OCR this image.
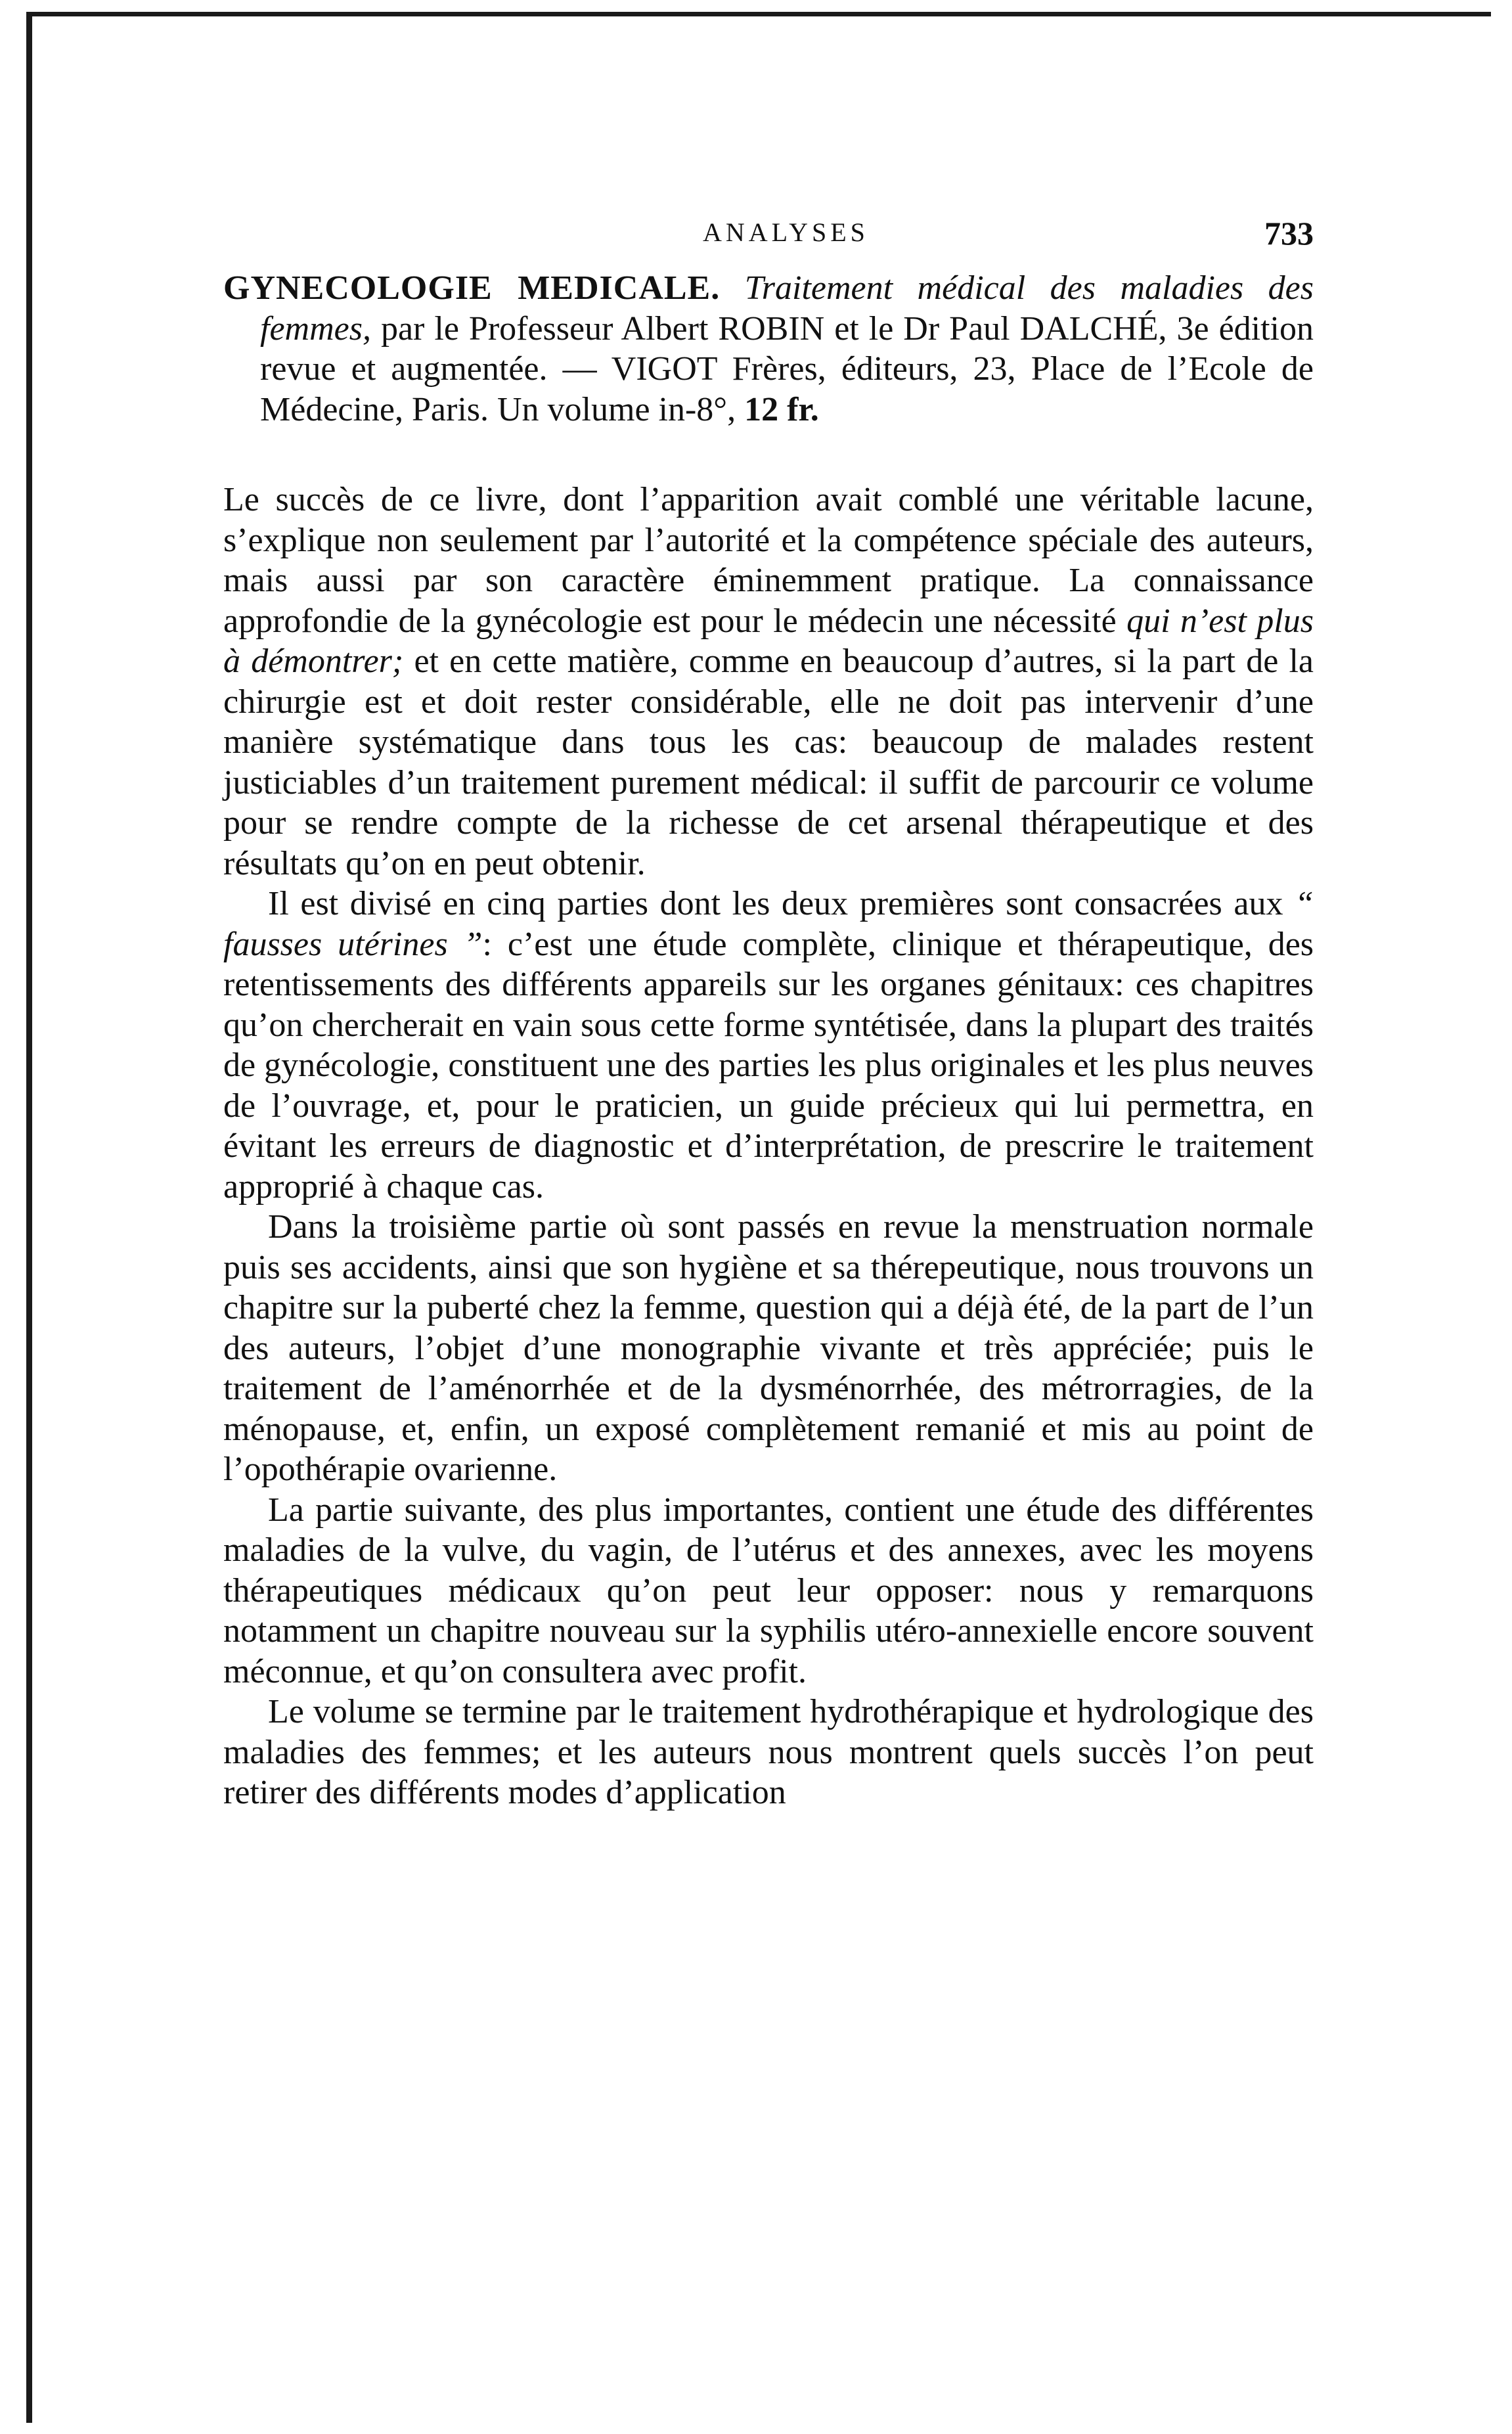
ANALYSES	733
GYNECOLOGIE MEDICALE. Traitement médical des maladies des femmes, par le Professeur Albert ROBIN et le Dr Paul DALCHÉ, 3e édition revue et augmentée. — VIGOT Frères, éditeurs, 23, Place de l’Ecole de Médecine, Paris. Un volume in-8°, 12 fr.

Le succès de ce livre, dont l’apparition avait comblé une véritable lacune, s’explique non seulement par l’autorité et la compétence spéciale des auteurs, mais aussi par son caractère éminemment pratique. La connaissance approfondie de la gynécologie est pour le médecin une nécessité qui n’est plus à démontrer; et en cette matière, comme en beaucoup d’autres, si la part de la chirurgie est et doit rester considérable, elle ne doit pas intervenir d’une manière systématique dans tous les cas: beaucoup de malades restent justiciables d’un traitement purement médical: il suffit de parcourir ce volume pour se rendre compte de la richesse de cet arsenal thérapeutique et des résultats qu’on en peut obtenir.

Il est divisé en cinq parties dont les deux premières sont consacrées aux “ fausses utérines ”: c’est une étude complète, clinique et thérapeutique, des retentissements des différents appareils sur les organes génitaux: ces chapitres qu’on chercherait en vain sous cette forme syntétisée, dans la plupart des traités de gynécologie, constituent une des parties les plus originales et les plus neuves de l’ouvrage, et, pour le praticien, un guide précieux qui lui permettra, en évitant les erreurs de diagnostic et d’interprétation, de prescrire le traitement approprié à chaque cas.

Dans la troisième partie où sont passés en revue la menstruation normale puis ses accidents, ainsi que son hygiène et sa thérepeutique, nous trouvons un chapitre sur la puberté chez la femme, question qui a déjà été, de la part de l’un des auteurs, l’objet d’une monographie vivante et très appréciée; puis le traitement de l’aménorrhée et de la dysménorrhée, des métrorragies, de la ménopause, et, enfin, un exposé complètement remanié et mis au point de l’opothérapie ovarienne.

La partie suivante, des plus importantes, contient une étude des différentes maladies de la vulve, du vagin, de l’utérus et des annexes, avec les moyens thérapeutiques médicaux qu’on peut leur opposer: nous y remarquons notamment un chapitre nouveau sur la syphilis utéro-annexielle encore souvent méconnue, et qu’on consultera avec profit.

Le volume se termine par le traitement hydrothérapique et hydrologique des maladies des femmes; et les auteurs nous montrent quels succès l’on peut retirer des différents modes d’application
